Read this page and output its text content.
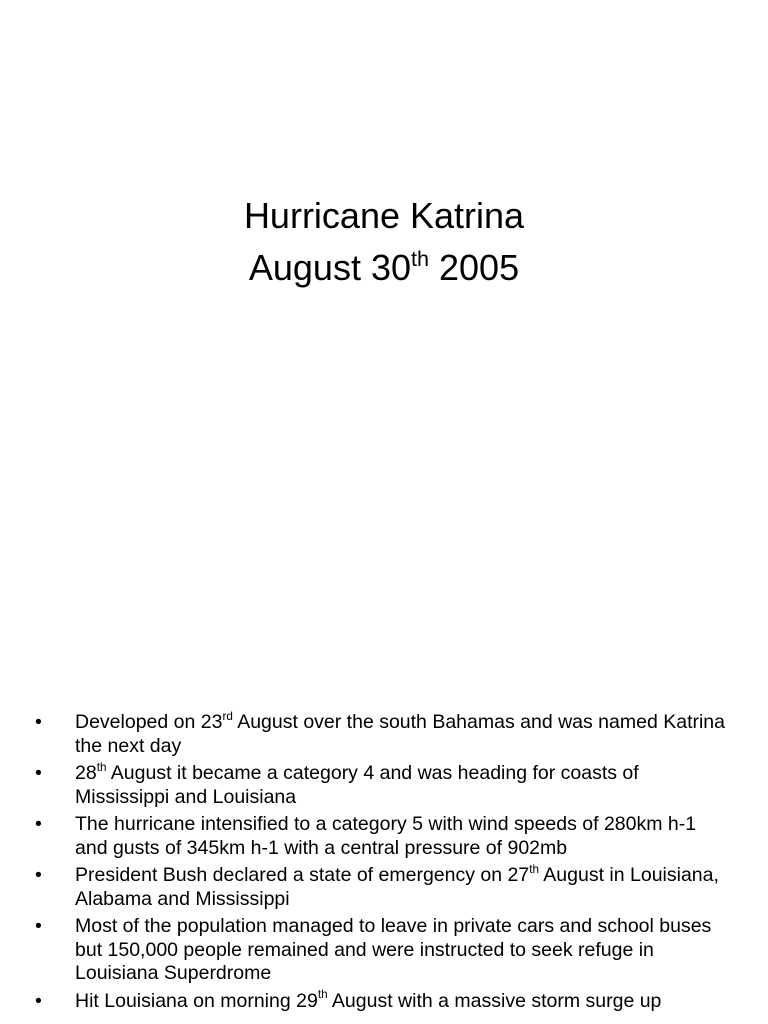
Hurricane Katrina
August 30th 2005
•	Developed on 23rd August over the south Bahamas and was named Katrina the next day
•	28th August it became a category 4 and was heading for coasts of Mississippi and Louisiana
•	The hurricane intensified to a category 5 with wind speeds of 280km h-1 and gusts of 345km h-1 with a central pressure of 902mb
•	President Bush declared a state of emergency on 27th August in Louisiana, Alabama and Mississippi
•	Most of the population managed to leave in private cars and school buses but 150,000 people remained and were instructed to seek refuge in Louisiana Superdrome
•	Hit Louisiana on morning 29th August with a massive storm surge up
